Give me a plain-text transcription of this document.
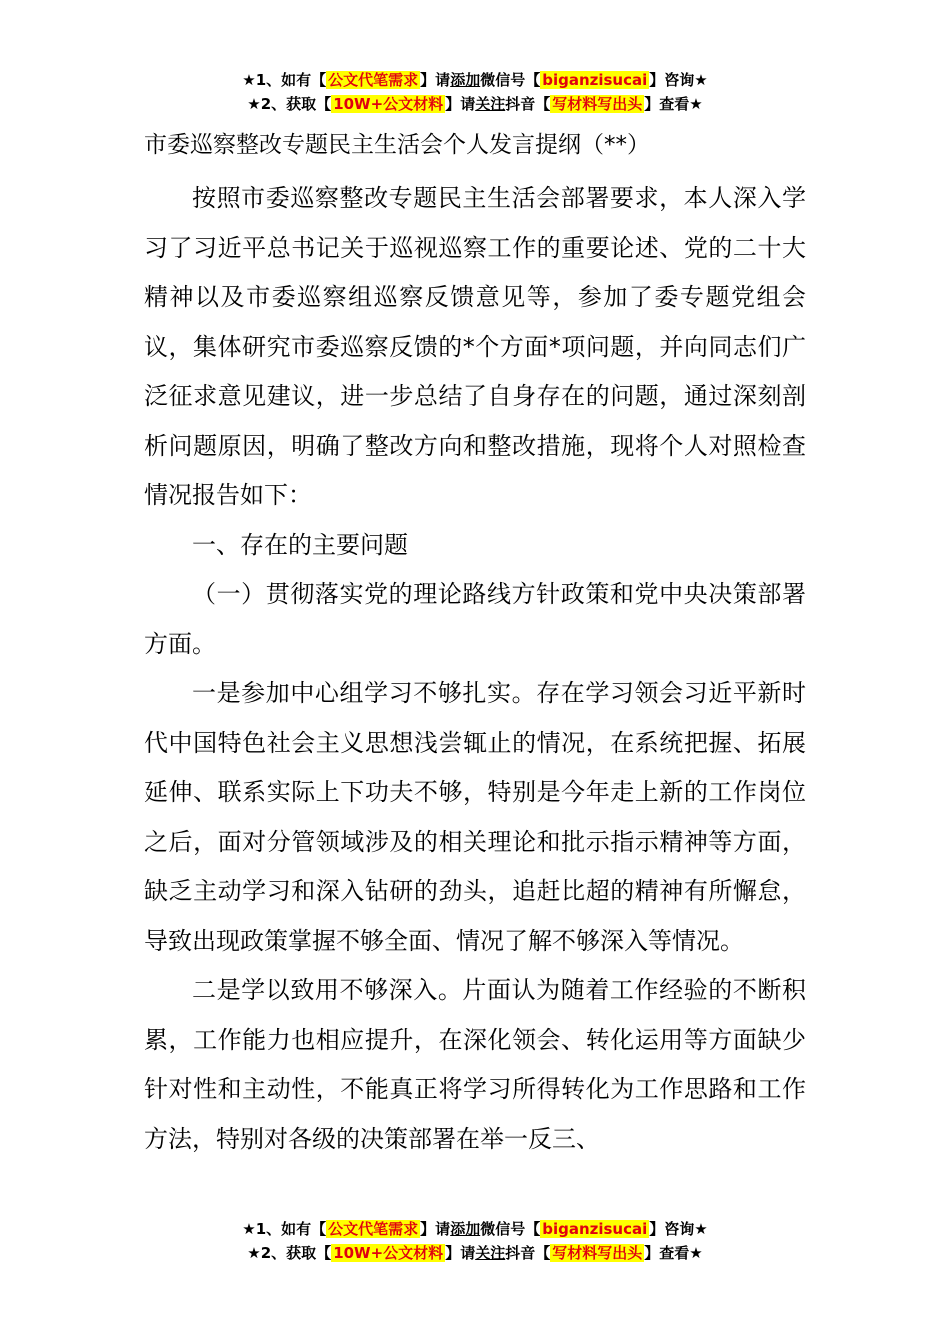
★1、如有【 公文代笔需求 】请添加微信号【 biganzisucai 】咨询★
★2、获取【 10W+公文材料 】请关注抖音【 写材料写出头 】查看★

市委巡察整改专题民主生活会个人发言提纲（**）

按照市委巡察整改专题民主生活会部署要求，本人深入学习了习近平总书记关于巡视巡察工作的重要论述、党的二十大精神以及市委巡察组巡察反馈意见等，参加了委专题党组会议，集体研究市委巡察反馈的*个方面*项问题，并向同志们广泛征求意见建议，进一步总结了自身存在的问题，通过深刻剖析问题原因，明确了整改方向和整改措施，现将个人对照检查情况报告如下：

一、存在的主要问题

（一）贯彻落实党的理论路线方针政策和党中央决策部署方面。

一是参加中心组学习不够扎实。存在学习领会习近平新时代中国特色社会主义思想浅尝辄止的情况，在系统把握、拓展延伸、联系实际上下功夫不够，特别是今年走上新的工作岗位之后，面对分管领域涉及的相关理论和批示指示精神等方面，缺乏主动学习和深入钻研的劲头，追赶比超的精神有所懈怠，导致出现政策掌握不够全面、情况了解不够深入等情况。

二是学以致用不够深入。片面认为随着工作经验的不断积累，工作能力也相应提升，在深化领会、转化运用等方面缺少针对性和主动性，不能真正将学习所得转化为工作思路和工作方法，特别对各级的决策部署在举一反三、

★1、如有【 公文代笔需求 】请添加微信号【 biganzisucai 】咨询★
★2、获取【 10W+公文材料 】请关注抖音【 写材料写出头 】查看★
